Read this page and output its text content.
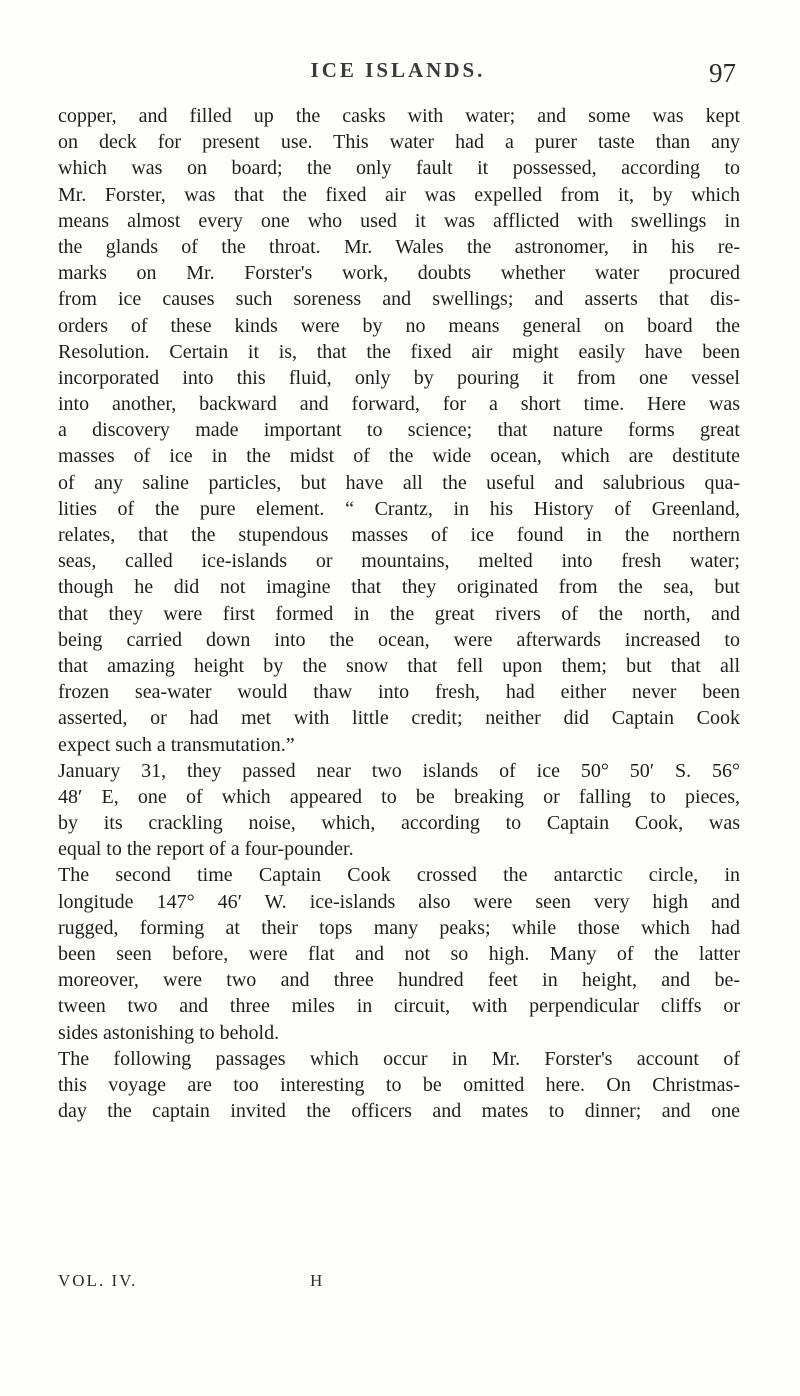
ICE ISLANDS.	97
copper, and filled up the casks with water; and some was kept
on deck for present use. This water had a purer taste than any
which was on board; the only fault it possessed, according to
Mr. Forster, was that the fixed air was expelled from it, by which
means almost every one who used it was afflicted with swellings in
the glands of the throat. Mr. Wales the astronomer, in his re-
marks on Mr. Forster's work, doubts whether water procured
from ice causes such soreness and swellings; and asserts that dis-
orders of these kinds were by no means general on board the
Resolution. Certain it is, that the fixed air might easily have been
incorporated into this fluid, only by pouring it from one vessel
into another, backward and forward, for a short time. Here was
a discovery made important to science; that nature forms great
masses of ice in the midst of the wide ocean, which are destitute
of any saline particles, but have all the useful and salubrious qua-
lities of the pure element. “ Crantz, in his History of Greenland,
relates, that the stupendous masses of ice found in the northern
seas, called ice-islands or mountains, melted into fresh water;
though he did not imagine that they originated from the sea, but
that they were first formed in the great rivers of the north, and
being carried down into the ocean, were afterwards increased to
that amazing height by the snow that fell upon them; but that all
frozen sea-water would thaw into fresh, had either never been
asserted, or had met with little credit; neither did Captain Cook
expect such a transmutation.”
January 31, they passed near two islands of ice 50° 50′ S. 56°
48′ E, one of which appeared to be breaking or falling to pieces,
by its crackling noise, which, according to Captain Cook, was
equal to the report of a four-pounder.
The second time Captain Cook crossed the antarctic circle, in
longitude 147° 46′ W. ice-islands also were seen very high and
rugged, forming at their tops many peaks; while those which had
been seen before, were flat and not so high. Many of the latter
moreover, were two and three hundred feet in height, and be-
tween two and three miles in circuit, with perpendicular cliffs or
sides astonishing to behold.
The following passages which occur in Mr. Forster's account of
this voyage are too interesting to be omitted here. On Christmas-
day the captain invited the officers and mates to dinner; and one
VOL. IV.	H
